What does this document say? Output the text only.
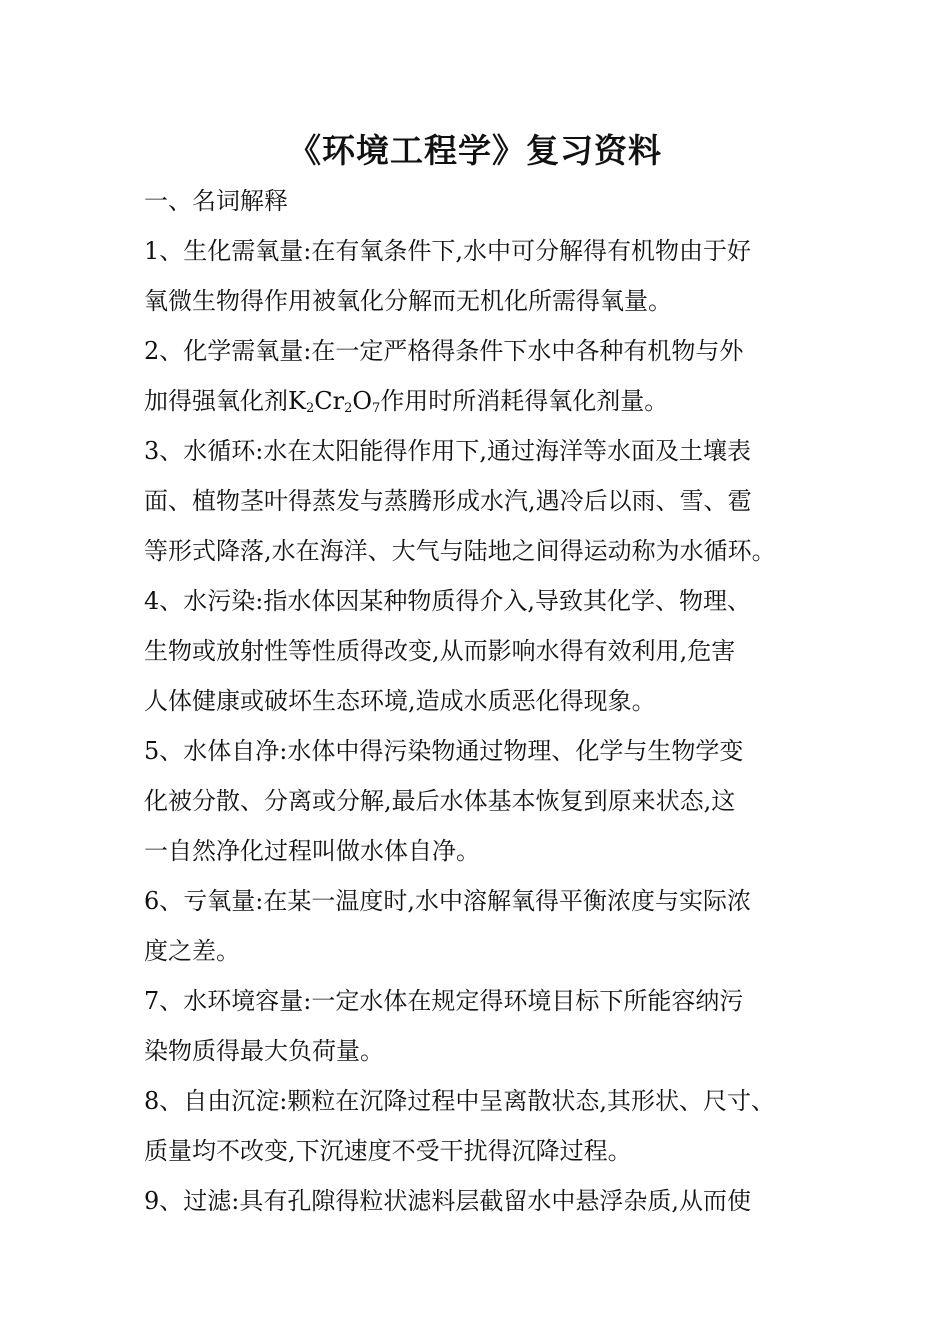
《环境工程学》复习资料
一、名词解释
1、生化需氧量:在有氧条件下,水中可分解得有机物由于好
氧微生物得作用被氧化分解而无机化所需得氧量。
2、化学需氧量:在一定严格得条件下水中各种有机物与外
加得强氧化剂$K_2Cr_2O_7$作用时所消耗得氧化剂量。
3、水循环:水在太阳能得作用下,通过海洋等水面及土壤表
面、植物茎叶得蒸发与蒸腾形成水汽,遇冷后以雨、雪、雹
等形式降落,水在海洋、大气与陆地之间得运动称为水循环。
4、水污染:指水体因某种物质得介入,导致其化学、物理、
生物或放射性等性质得改变,从而影响水得有效利用,危害
人体健康或破坏生态环境,造成水质恶化得现象。
5、水体自净:水体中得污染物通过物理、化学与生物学变
化被分散、分离或分解,最后水体基本恢复到原来状态,这
一自然净化过程叫做水体自净。
6、亏氧量:在某一温度时,水中溶解氧得平衡浓度与实际浓
度之差。
7、水环境容量:一定水体在规定得环境目标下所能容纳污
染物质得最大负荷量。
8、自由沉淀:颗粒在沉降过程中呈离散状态,其形状、尺寸、
质量均不改变,下沉速度不受干扰得沉降过程。
9、过滤:具有孔隙得粒状滤料层截留水中悬浮杂质,从而使
